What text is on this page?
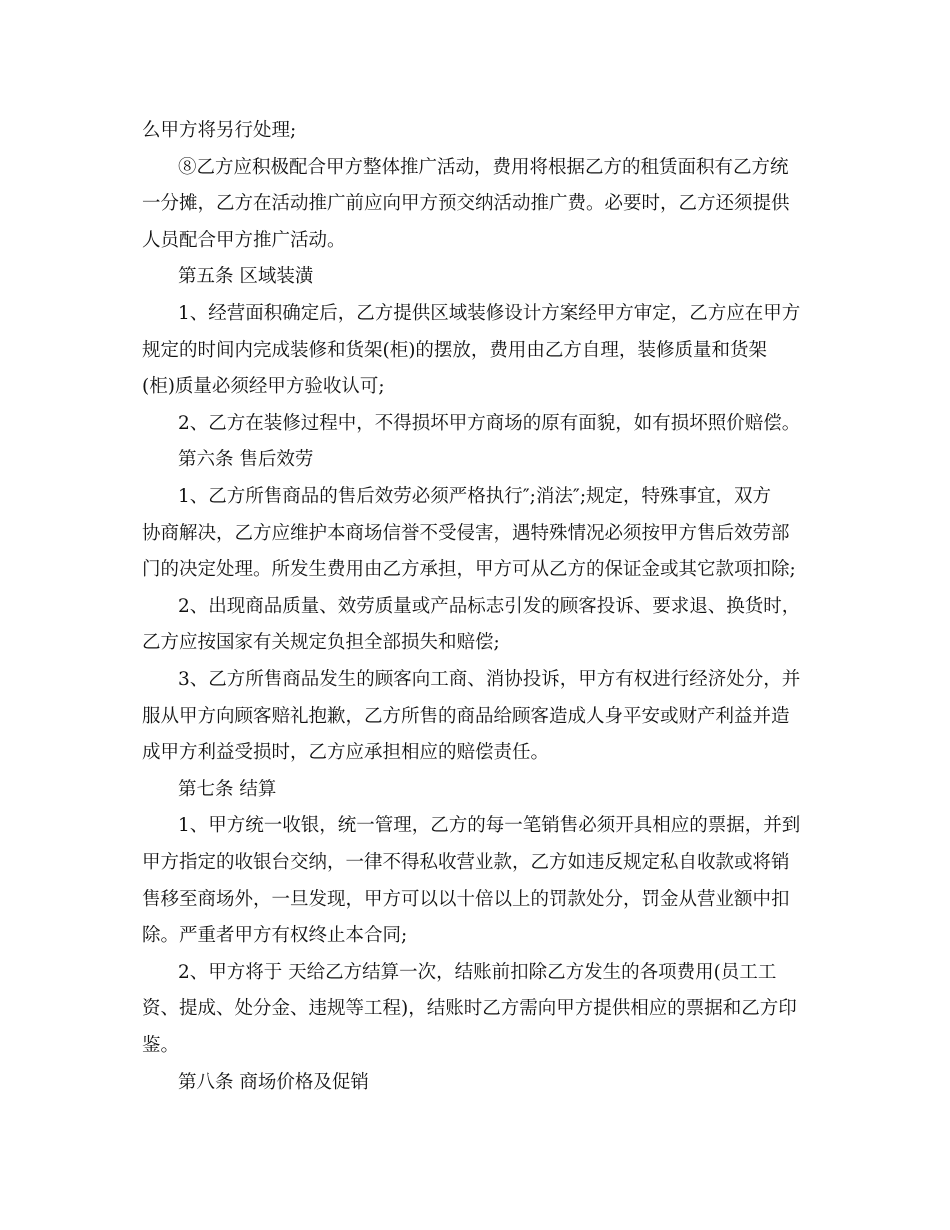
么甲方将另行处理;
⑧乙方应积极配合甲方整体推广活动，费用将根据乙方的租赁面积有乙方统
一分摊，乙方在活动推广前应向甲方预交纳活动推广费。必要时，乙方还须提供
人员配合甲方推广活动。
第五条 区域装潢
1、经营面积确定后，乙方提供区域装修设计方案经甲方审定，乙方应在甲方
规定的时间内完成装修和货架(柜)的摆放，费用由乙方自理，装修质量和货架
(柜)质量必须经甲方验收认可;
2、乙方在装修过程中，不得损坏甲方商场的原有面貌，如有损坏照价赔偿。
第六条 售后效劳
1、乙方所售商品的售后效劳必须严格执行″;消法″;规定，特殊事宜，双方
协商解决，乙方应维护本商场信誉不受侵害，遇特殊情况必须按甲方售后效劳部
门的决定处理。所发生费用由乙方承担，甲方可从乙方的保证金或其它款项扣除;
2、出现商品质量、效劳质量或产品标志引发的顾客投诉、要求退、换货时，
乙方应按国家有关规定负担全部损失和赔偿;
3、乙方所售商品发生的顾客向工商、消协投诉，甲方有权进行经济处分，并
服从甲方向顾客赔礼抱歉，乙方所售的商品给顾客造成人身平安或财产利益并造
成甲方利益受损时，乙方应承担相应的赔偿责任。
第七条 结算
1、甲方统一收银，统一管理，乙方的每一笔销售必须开具相应的票据，并到
甲方指定的收银台交纳，一律不得私收营业款，乙方如违反规定私自收款或将销
售移至商场外，一旦发现，甲方可以以十倍以上的罚款处分，罚金从营业额中扣
除。严重者甲方有权终止本合同;
2、甲方将于 天给乙方结算一次，结账前扣除乙方发生的各项费用(员工工
资、提成、处分金、违规等工程)，结账时乙方需向甲方提供相应的票据和乙方印
鉴。
第八条 商场价格及促销
